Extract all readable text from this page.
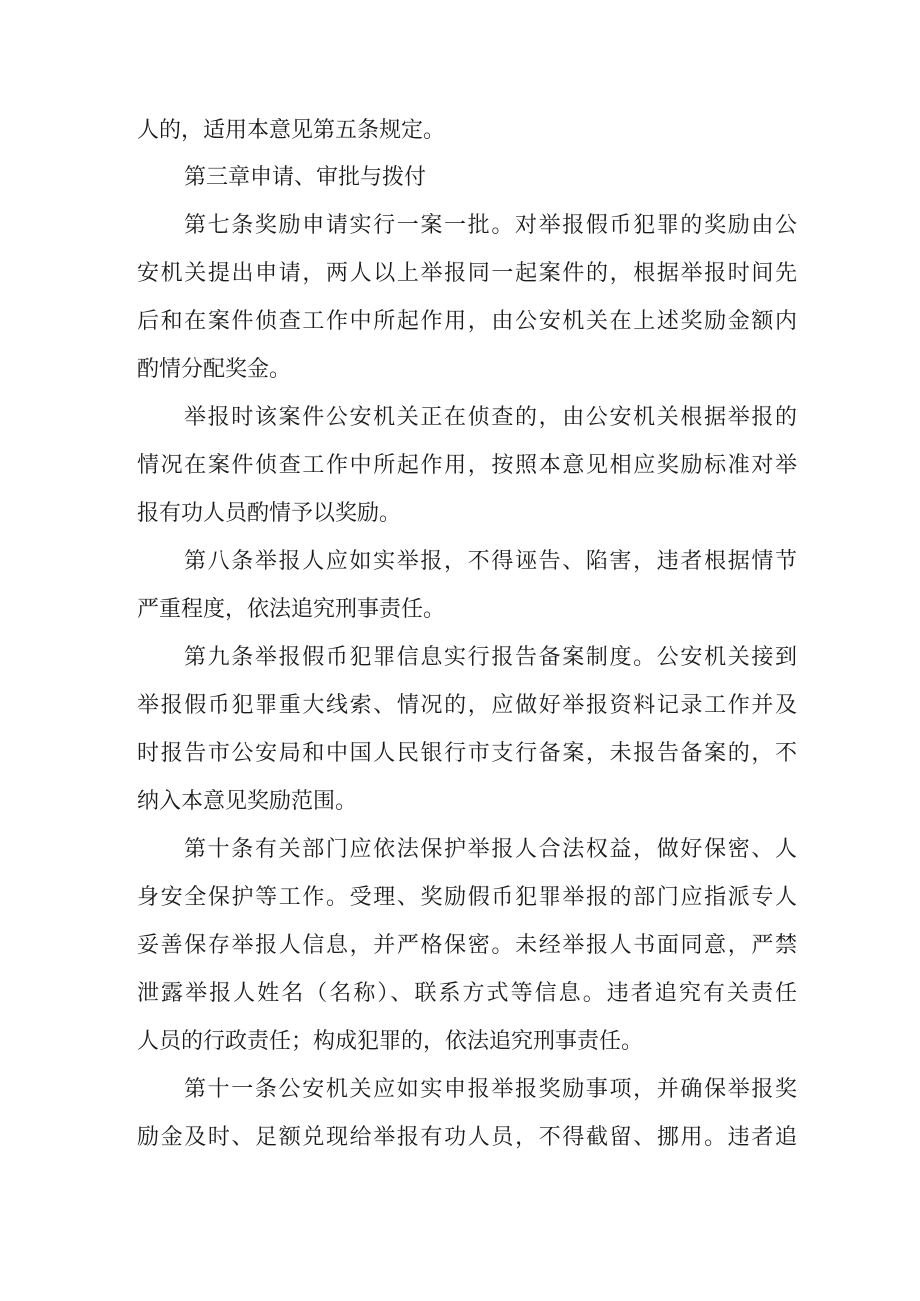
人的，适用本意见第五条规定。
第三章申请、审批与拨付
第七条奖励申请实行一案一批。对举报假币犯罪的奖励由公
安机关提出申请，两人以上举报同一起案件的，根据举报时间先
后和在案件侦查工作中所起作用，由公安机关在上述奖励金额内
酌情分配奖金。
举报时该案件公安机关正在侦查的，由公安机关根据举报的
情况在案件侦查工作中所起作用，按照本意见相应奖励标准对举
报有功人员酌情予以奖励。
第八条举报人应如实举报，不得诬告、陷害，违者根据情节
严重程度，依法追究刑事责任。
第九条举报假币犯罪信息实行报告备案制度。公安机关接到
举报假币犯罪重大线索、情况的，应做好举报资料记录工作并及
时报告市公安局和中国人民银行市支行备案，未报告备案的，不
纳入本意见奖励范围。
第十条有关部门应依法保护举报人合法权益，做好保密、人
身安全保护等工作。受理、奖励假币犯罪举报的部门应指派专人
妥善保存举报人信息，并严格保密。未经举报人书面同意，严禁
泄露举报人姓名（名称）、联系方式等信息。违者追究有关责任
人员的行政责任；构成犯罪的，依法追究刑事责任。
第十一条公安机关应如实申报举报奖励事项，并确保举报奖
励金及时、足额兑现给举报有功人员，不得截留、挪用。违者追
